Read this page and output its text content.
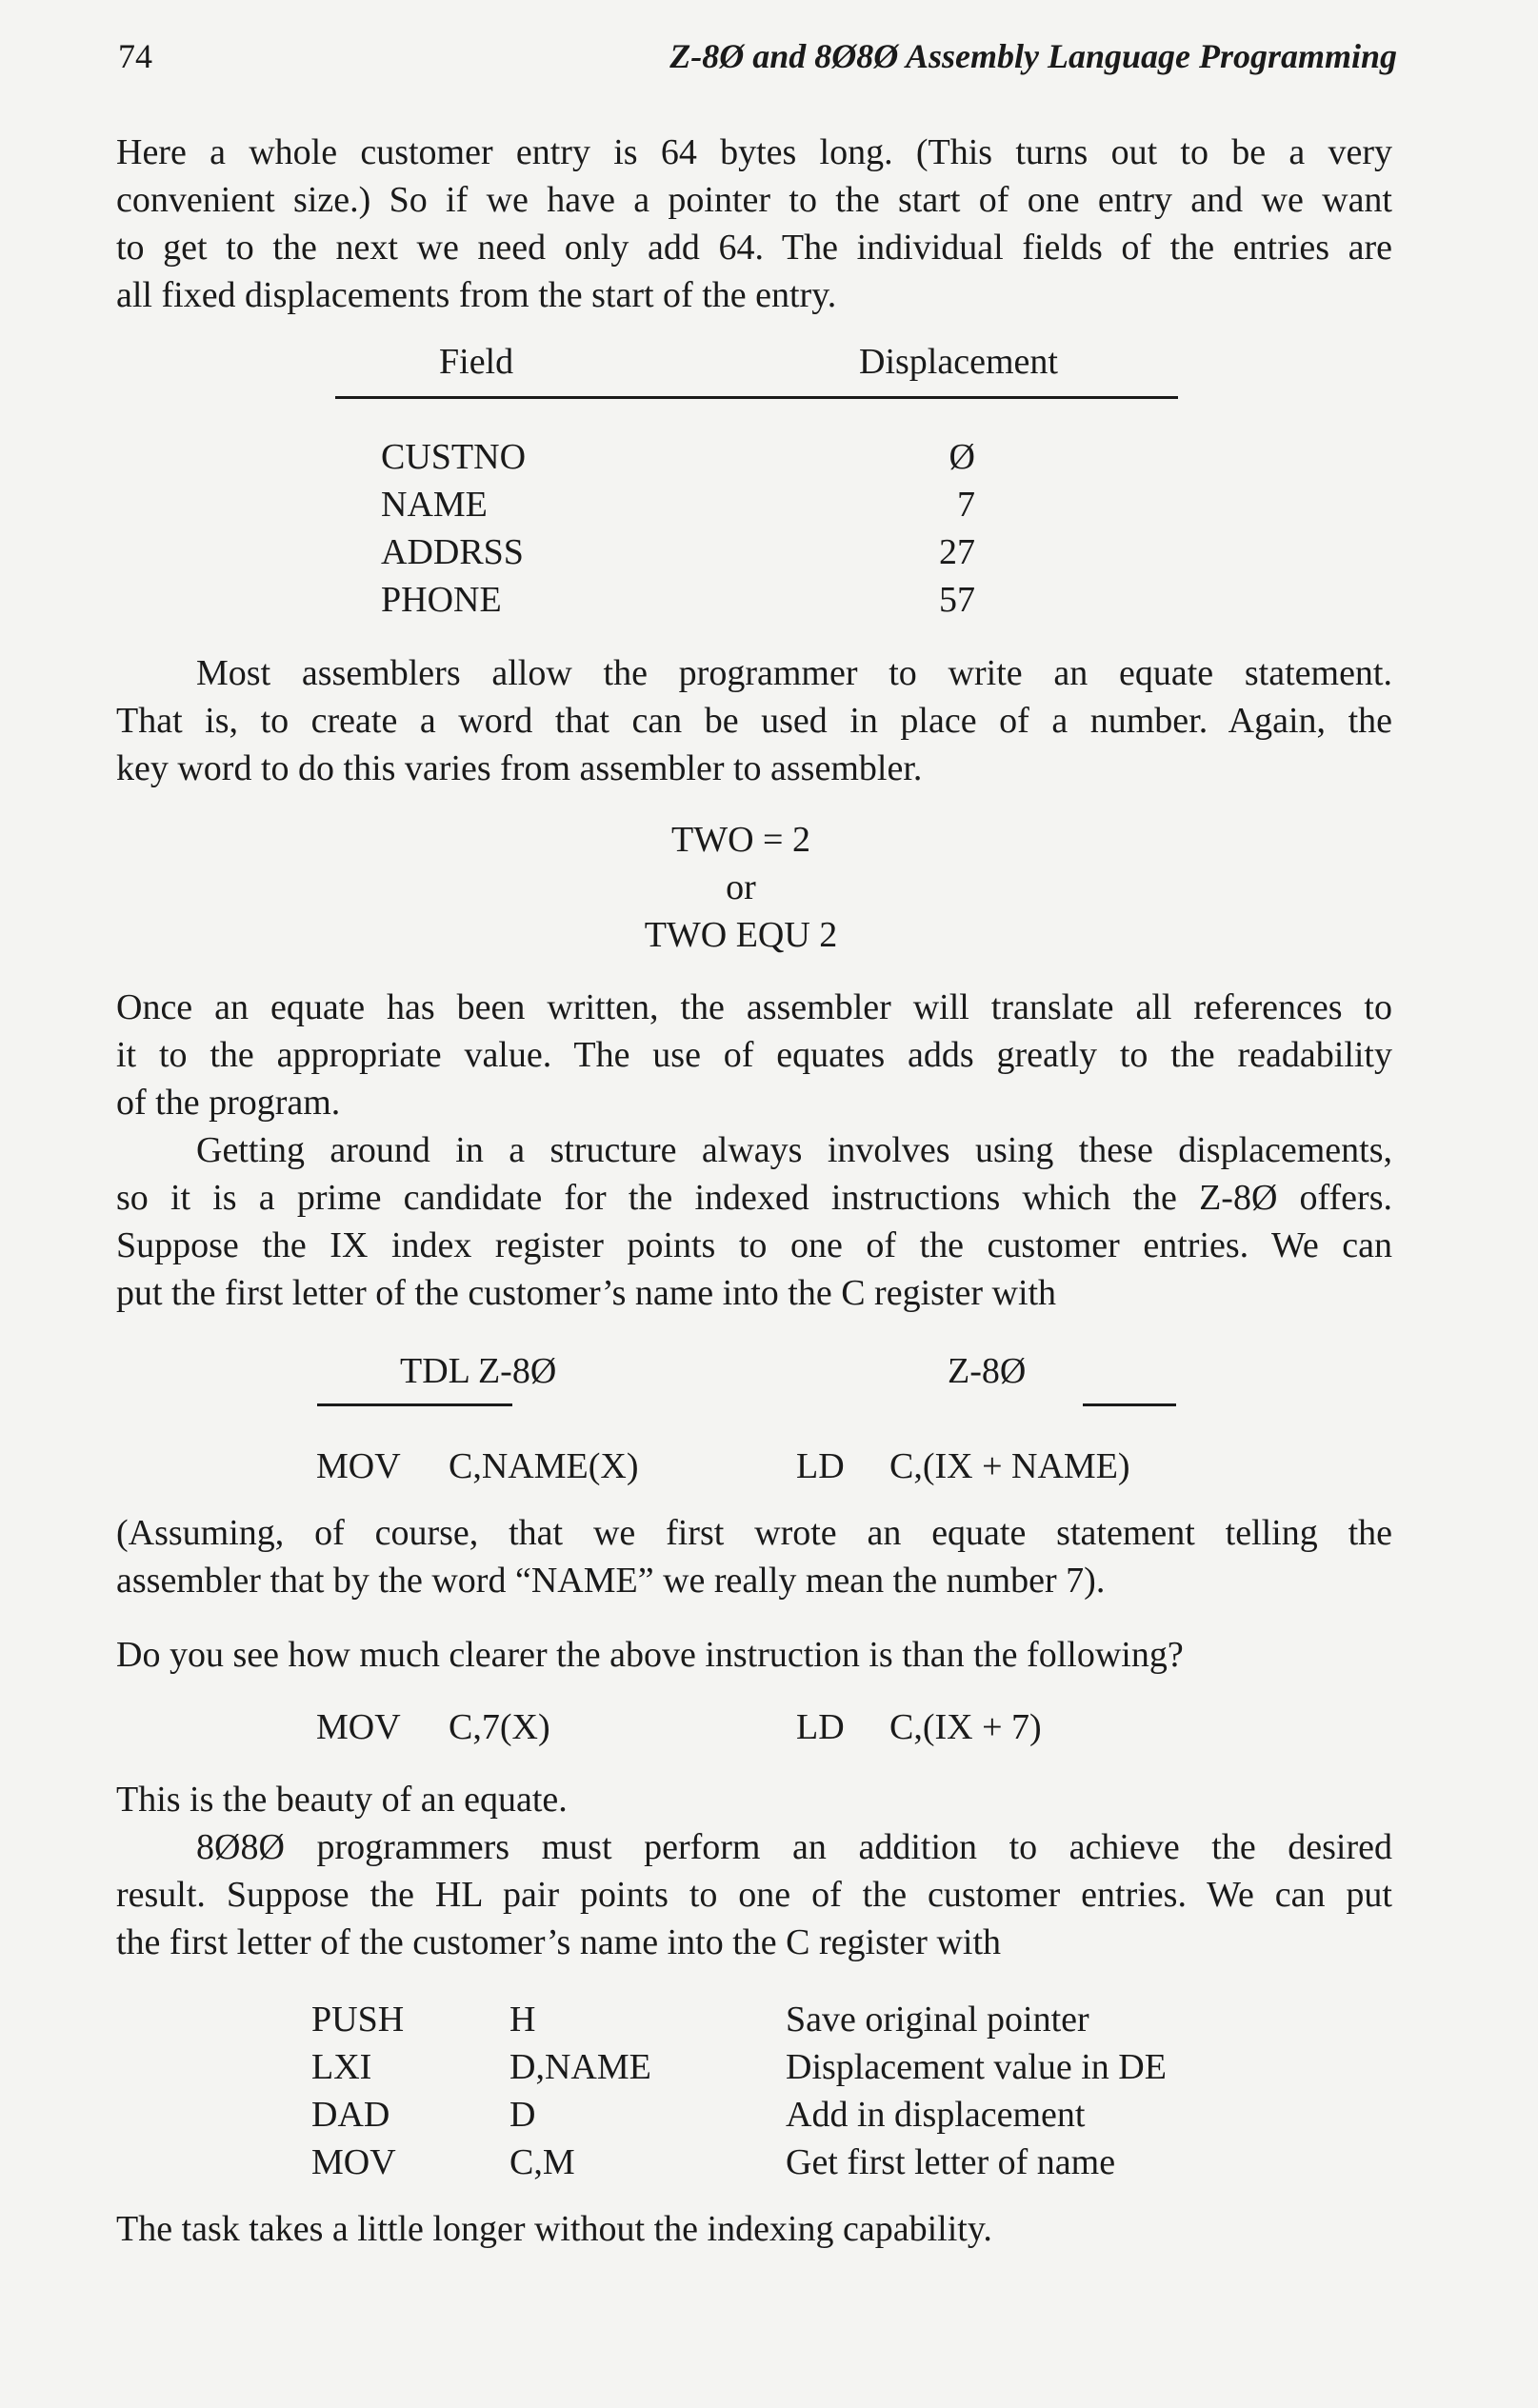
74	Z-8Ø and 8Ø8Ø Assembly Language Programming
Here a whole customer entry is 64 bytes long. (This turns out to be a very
convenient size.) So if we have a pointer to the start of one entry and we want
to get to the next we need only add 64. The individual fields of the entries are
all fixed displacements from the start of the entry.
Field	Displacement
CUSTNO	Ø
NAME	7
ADDRSS	27
PHONE	57
Most assemblers allow the programmer to write an equate statement.
That is, to create a word that can be used in place of a number. Again, the
key word to do this varies from assembler to assembler.
TWO = 2
or
TWO EQU 2
Once an equate has been written, the assembler will translate all references to
it to the appropriate value. The use of equates adds greatly to the readability
of the program.
Getting around in a structure always involves using these displacements,
so it is a prime candidate for the indexed instructions which the Z-8Ø offers.
Suppose the IX index register points to one of the customer entries. We can
put the first letter of the customer’s name into the C register with
TDL Z-8Ø	Z-8Ø
MOV C,NAME(X)	LD C,(IX + NAME)
(Assuming, of course, that we first wrote an equate statement telling the
assembler that by the word “NAME” we really mean the number 7).
Do you see how much clearer the above instruction is than the following?
MOV C,7(X)	LD C,(IX + 7)
This is the beauty of an equate.
8Ø8Ø programmers must perform an addition to achieve the desired
result. Suppose the HL pair points to one of the customer entries. We can put
the first letter of the customer’s name into the C register with
PUSH	H	Save original pointer
LXI	D,NAME	Displacement value in DE
DAD	D	Add in displacement
MOV	C,M	Get first letter of name
The task takes a little longer without the indexing capability.
